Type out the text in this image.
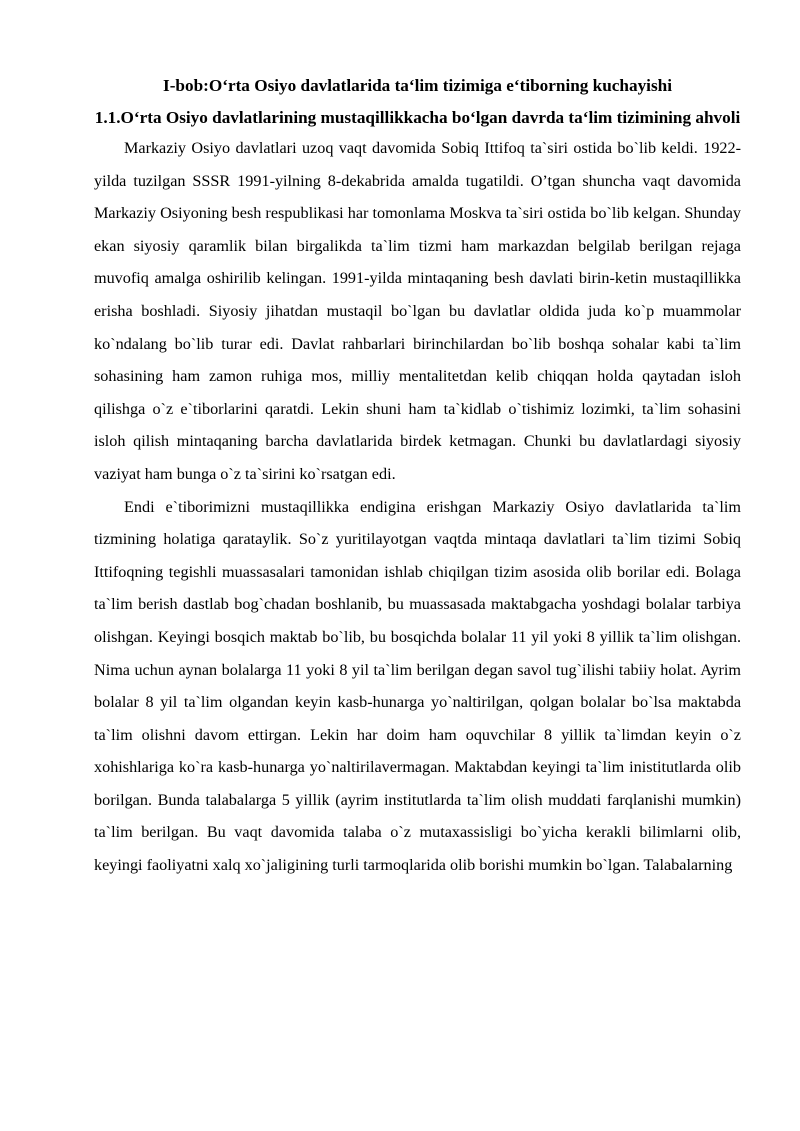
I-bob:O‘rta Osiyo davlatlarida ta‘lim tizimiga e‘tiborning kuchayishi

1.1.O‘rta Osiyo davlatlarining mustaqillikkacha bo‘lgan davrda ta‘lim tizimining ahvoli

Markaziy Osiyo davlatlari uzoq vaqt davomida Sobiq Ittifoq ta`siri ostida bo`lib keldi. 1922-yilda tuzilgan SSSR 1991-yilning 8-dekabrida amalda tugatildi. O’tgan shuncha vaqt davomida Markaziy Osiyoning besh respublikasi har tomonlama Moskva ta`siri ostida bo`lib kelgan. Shunday ekan siyosiy qaramlik bilan birgalikda ta`lim tizmi ham markazdan belgilab berilgan rejaga muvofiq amalga oshirilib kelingan. 1991-yilda mintaqaning besh davlati birin-ketin mustaqillikka erisha boshladi. Siyosiy jihatdan mustaqil bo`lgan bu davlatlar oldida juda ko`p muammolar ko`ndalang bo`lib turar edi. Davlat rahbarlari birinchilardan bo`lib boshqa sohalar kabi ta`lim sohasining ham zamon ruhiga mos, milliy mentalitetdan kelib chiqqan holda qaytadan isloh qilishga o`z e`tiborlarini qaratdi. Lekin shuni ham ta`kidlab o`tishimiz lozimki, ta`lim sohasini isloh qilish mintaqaning barcha davlatlarida birdek ketmagan. Chunki bu davlatlardagi siyosiy vaziyat ham bunga o`z ta`sirini ko`rsatgan edi.

Endi e`tiborimizni mustaqillikka endigina erishgan Markaziy Osiyo davlatlarida ta`lim tizmining holatiga qarataylik. So`z yuritilayotgan vaqtda mintaqa davlatlari ta`lim tizimi Sobiq Ittifoqning tegishli muassasalari tamonidan ishlab chiqilgan tizim asosida olib borilar edi. Bolaga ta`lim berish dastlab bog`chadan boshlanib, bu muassasada maktabgacha yoshdagi bolalar tarbiya olishgan. Keyingi bosqich maktab bo`lib, bu bosqichda bolalar 11 yil yoki 8 yillik ta`lim olishgan. Nima uchun aynan bolalarga 11 yoki 8 yil ta`lim berilgan degan savol tug`ilishi tabiiy holat. Ayrim bolalar 8 yil ta`lim olgandan keyin kasb-hunarga yo`naltirilgan, qolgan bolalar bo`lsa maktabda ta`lim olishni davom ettirgan. Lekin har doim ham oquvchilar 8 yillik ta`limdan keyin o`z xohishlariga ko`ra kasb-hunarga yo`naltirilavermagan. Maktabdan keyingi ta`lim inistitutlarda olib borilgan. Bunda talabalarga 5 yillik (ayrim institutlarda ta`lim olish muddati farqlanishi mumkin) ta`lim berilgan. Bu vaqt davomida talaba o`z mutaxassisligi bo`yicha kerakli bilimlarni olib, keyingi faoliyatni xalq xo`jaligining turli tarmoqlarida olib borishi mumkin bo`lgan. Talabalarning
